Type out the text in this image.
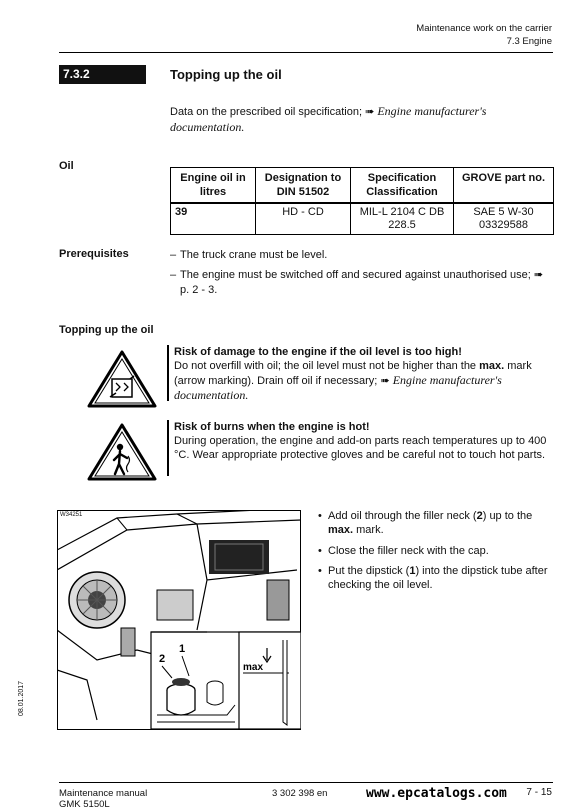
Maintenance work on the carrier
7.3 Engine
7.3.2	Topping up the oil
Data on the prescribed oil specification; ➠ Engine manufacturer's documentation.
Oil
Engine oil in litres	Designation to DIN 51502	Specification Classification	GROVE part no.
39	HD - CD	MIL-L 2104 C DB 228.5	SAE 5 W-30 03329588
Prerequisites	– The truck crane must be level.
– The engine must be switched off and secured against unauthorised use; ➠ p. 2 - 3.
Topping up the oil
Risk of damage to the engine if the oil level is too high!
Do not overfill with oil; the oil level must not be higher than the max. mark (arrow marking). Drain off oil if necessary; ➠ Engine manufacturer's documentation.
Risk of burns when the engine is hot!
During operation, the engine and add-on parts reach temperatures up to 400 °C. Wear appropriate protective gloves and be careful not to touch hot parts.
2
1
max
W34251	• Add oil through the filler neck (2) up to the max. mark.
• Close the filler neck with the cap.
• Put the dipstick (1) into the dipstick tube after checking the oil level.
08.01.2017
Maintenance manual
GMK 5150L
3 302 398 en	www.epcatalogs.com 7 - 15
